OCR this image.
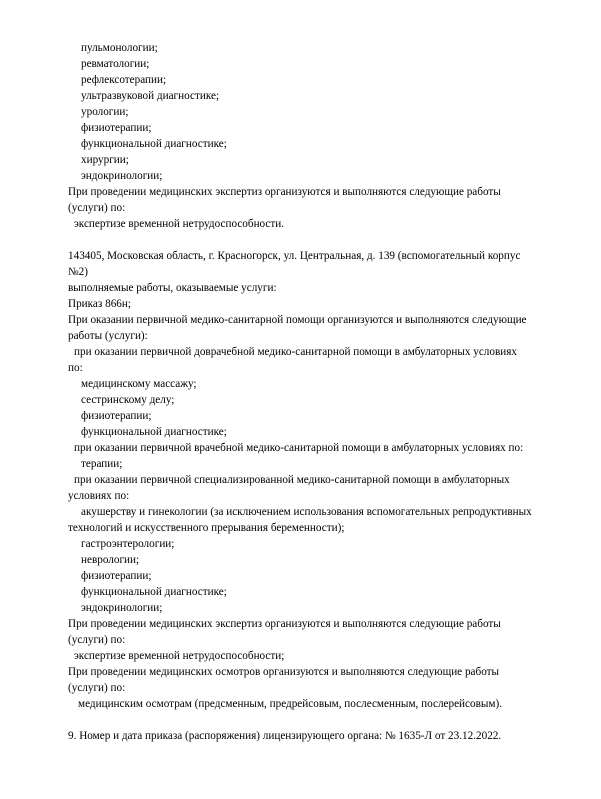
пульмонологии;
ревматологии;
рефлексотерапии;
ультразвуковой диагностике;
урологии;
физиотерапии;
функциональной диагностике;
хирургии;
эндокринологии;
При проведении медицинских экспертиз организуются и выполняются следующие работы
(услуги) по:
экспертизе временной нетрудоспособности.
143405, Московская область, г. Красногорск, ул. Центральная, д. 139 (вспомогательный корпус
№2)
выполняемые работы, оказываемые услуги:
Приказ 866н;
При оказании первичной медико-санитарной помощи организуются и выполняются следующие
работы (услуги):
при оказании первичной доврачебной медико-санитарной помощи в амбулаторных условиях
по:
медицинскому массажу;
сестринскому делу;
физиотерапии;
функциональной диагностике;
при оказании первичной врачебной медико-санитарной помощи в амбулаторных условиях по:
терапии;
при оказании первичной специализированной медико-санитарной помощи в амбулаторных
условиях по:
акушерству и гинекологии (за исключением использования вспомогательных репродуктивных
технологий и искусственного прерывания беременности);
гастроэнтерологии;
неврологии;
физиотерапии;
функциональной диагностике;
эндокринологии;
При проведении медицинских экспертиз организуются и выполняются следующие работы
(услуги) по:
экспертизе временной нетрудоспособности;
При проведении медицинских осмотров организуются и выполняются следующие работы
(услуги) по:
медицинским осмотрам (предсменным, предрейсовым, послесменным, послерейсовым).
9. Номер и дата приказа (распоряжения) лицензирующего органа: № 1635-Л от 23.12.2022.
